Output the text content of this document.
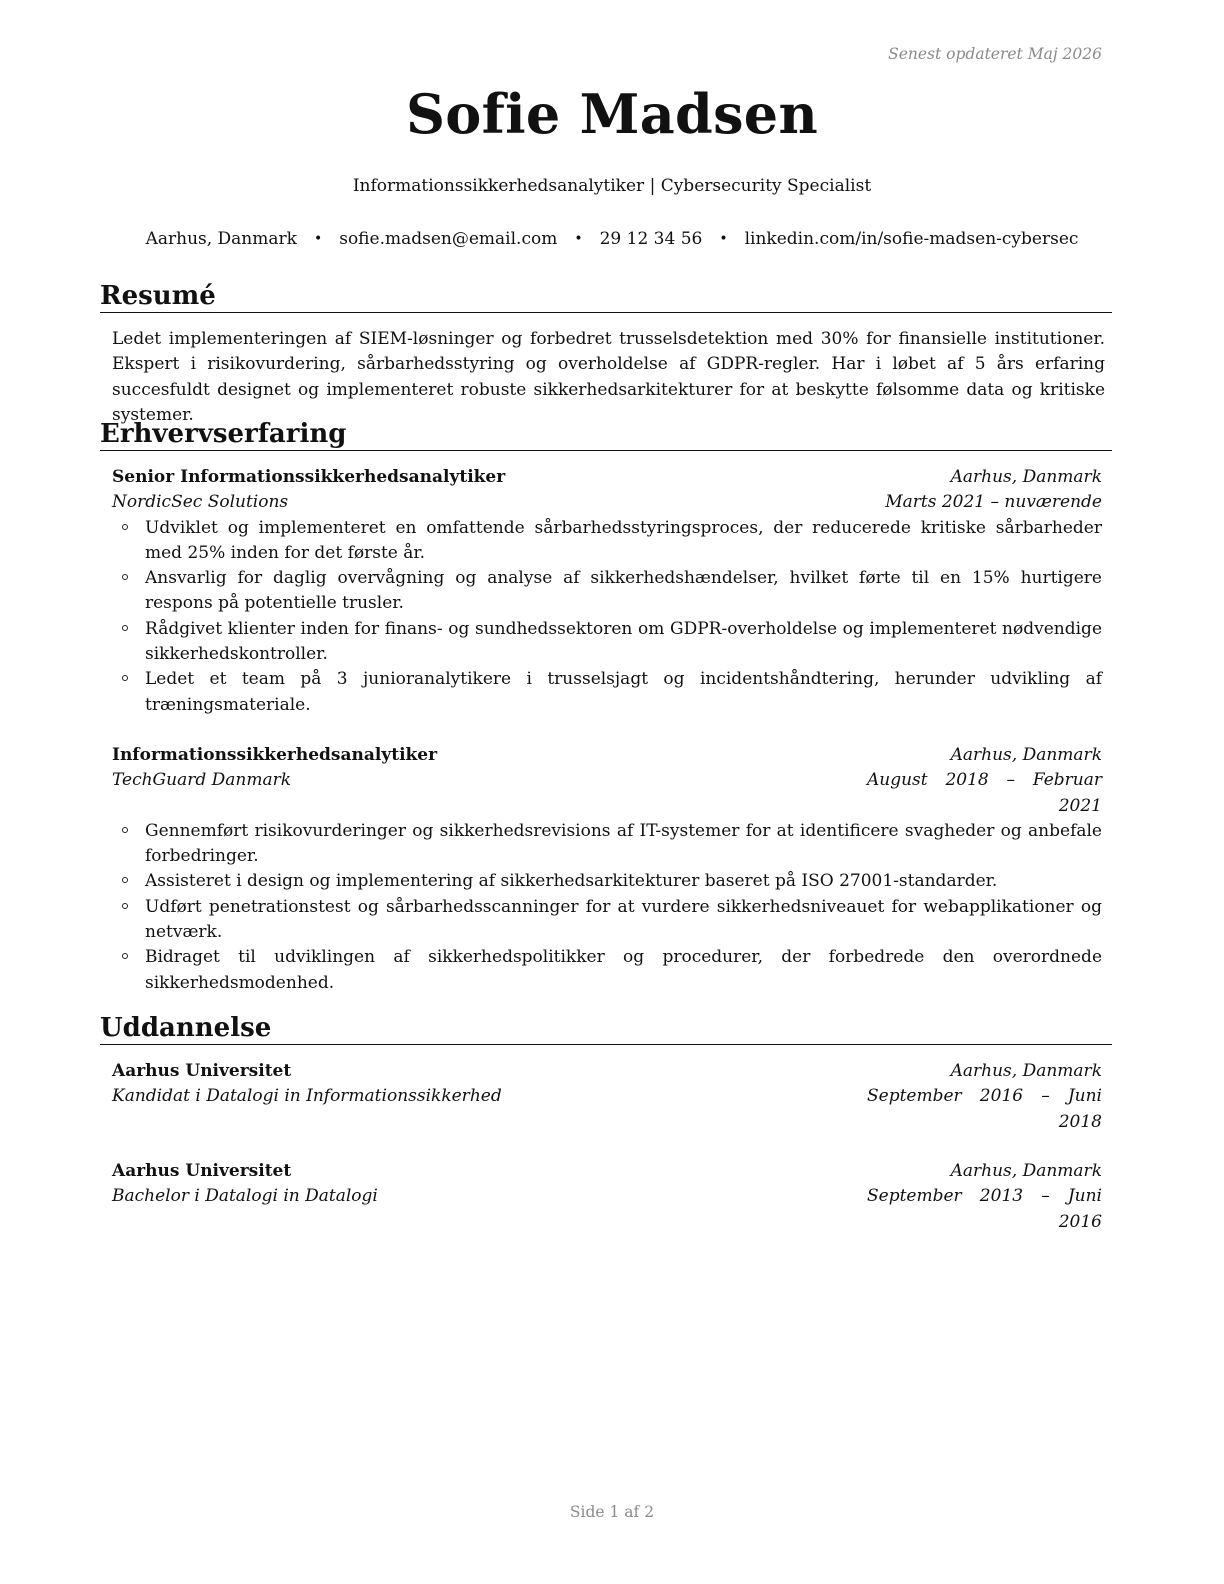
Senest opdateret Maj 2026
Sofie Madsen
Informationssikkerhedsanalytiker | Cybersecurity Specialist
Aarhus, Danmark • sofie.madsen@email.com • 29 12 34 56 • linkedin.com/in/sofie-madsen-cybersec
Resumé
Ledet implementeringen af SIEM-løsninger og forbedret trusselsdetektion med 30% for finansielle institutioner. Ekspert i risikovurdering, sårbarhedsstyring og overholdelse af GDPR-regler. Har i løbet af 5 års erfaring succesfuldt designet og implementeret robuste sikkerhedsarkitekturer for at beskytte følsomme data og kritiske systemer.
Erhvervserfaring
Senior Informationssikkerhedsanalytiker	Aarhus, Danmark
NordicSec Solutions	Marts 2021 – nuværende
Udviklet og implementeret en omfattende sårbarhedsstyringsproces, der reducerede kritiske sårbarheder med 25% inden for det første år.
Ansvarlig for daglig overvågning og analyse af sikkerhedshændelser, hvilket førte til en 15% hurtigere respons på potentielle trusler.
Rådgivet klienter inden for finans- og sundhedssektoren om GDPR-overholdelse og implementeret nødvendige sikkerhedskontroller.
Ledet et team på 3 junioranalytikere i trusselsjagt og incidentshåndtering, herunder udvikling af træningsmateriale.
Informationssikkerhedsanalytiker	Aarhus, Danmark
TechGuard Danmark	August 2018 – Februar 2021
Gennemført risikovurderinger og sikkerhedsrevisions af IT-systemer for at identificere svagheder og anbefale forbedringer.
Assisteret i design og implementering af sikkerhedsarkitekturer baseret på ISO 27001-standarder.
Udført penetrationstest og sårbarhedsscanninger for at vurdere sikkerhedsniveauet for webapplikationer og netværk.
Bidraget til udviklingen af sikkerhedspolitikker og procedurer, der forbedrede den overordnede sikkerhedsmodenhed.
Uddannelse
Aarhus Universitet	Aarhus, Danmark
Kandidat i Datalogi in Informationssikkerhed	September 2016 – Juni 2018
Aarhus Universitet	Aarhus, Danmark
Bachelor i Datalogi in Datalogi	September 2013 – Juni 2016
Side 1 af 2
